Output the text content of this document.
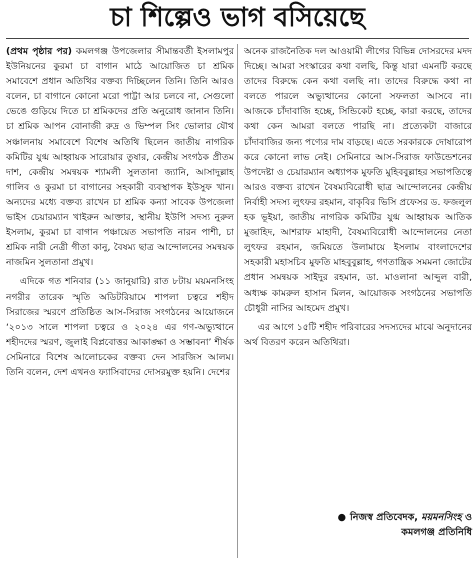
চা শিল্পেও ভাগ বসিয়েছে

(প্রথম পৃষ্ঠার পর) কমলগঞ্জ উপজেলার সীমান্তবর্তী ইসলামপুর ইউনিয়নের কুরমা চা বাগান মাঠে আয়োজিত চা শ্রমিক সমাবেশে প্রধান অতিথির বক্তব্য দিচ্ছিলেন তিনি। তিনি আরও বলেন, চা বাগানে কোনো মরো পাট্টা আর চলবে না, সেগুলো ভেঙে গুড়িয়ে দিতে চা শ্রমিকদের প্রতি অনুরোধ জানান তিনি। চা শ্রমিক আপন বোনাজী রুদ্র ও ভিম্পল সিং ভোলার যৌথ সঞ্চালনায় সমাবেশে বিশেষ অতিথি ছিলেন জাতীয় নাগরিক কমিটির যুগ্ম আহ্বায়ক সারোয়ার তুষার, কেন্দ্রীয় সংগঠক প্রীতম দাশ, কেন্দ্রীয় সমন্বয়ক শ্যামলী সুলতানা জ্যানি, আসাদুল্লাহ গালিব ও কুরমা চা বাগানের সহকারী ব্যবস্থাপক ইউসুফ খান। অন্যদের মধ্যে বক্তব্য রাখেন চা শ্রমিক কন্যা সাবেক উপজেলা ভাইস চেয়ারম্যান খাইরুন আক্তার, স্থানীয় ইউপি সদস্য নুরুল ইসলাম, কুরমা চা বাগান পঞ্চায়েত সভাপতি নারন পাশী, চা শ্রমিক নারী নেত্রী গীতা কানু, বৈষম্য ছাত্র আন্দোলনের সমন্বয়ক নাজমিন সুলতানা প্রমুখ।

এদিকে গত শনিবার (১১ জানুয়ারি) রাত ৮টায় ময়মনসিংহ নগরীর তারেক স্মৃতি অডিটরিয়ামে শাপলা চত্বরে শহীদ সিরাজের স্মরণে প্রতিষ্ঠিত আস-সিরাজ সংগঠনের আয়োজনে ‘২০১৩ সালে শাপলা চত্বরে ও ২০২৪ এর গণ-অভ্যুত্থানে শহীদদের স্মরণ, জুলাই বিপ্লবোত্তর আকাঙ্ক্ষা ও সম্ভাবনা’ শীর্ষক সেমিনারে বিশেষ আলোচকের বক্তব্য দেন সারজিস আলম। তিনি বলেন, দেশ এখনও ফ্যাসিবাদের দোসরমুক্ত হয়নি। দেশের

অনেক রাজনৈতিক দল আওয়ামী লীগের বিভিন্ন দোসরদের মদদ দিচ্ছে। আমরা সংস্কারের কথা বলছি, কিন্তু যারা এমনটি করছে তাদের বিরুদ্ধে কেন কথা বলছি না। তাদের বিরুদ্ধে কথা না বলতে পারলে অভ্যুত্থানের কোনো সফলতা আসবে না। আজকে চাঁদাবাজি হচ্ছে, সিন্ডিকেট হচ্ছে, কারা করছে, তাদের কথা কেন আমরা বলতে পারছি না। প্রত্যেকটা বাজারে চাঁদাবাজির জন্য পণ্যের দাম বাড়ছে। এতে সরকারকে দোষারোপ করে কোনো লাভ নেই। সেমিনারে আস-সিরাজ ফাউন্ডেশনের উপদেষ্টা ও চেয়ারম্যান অধ্যাপক মুফতি মুহিববুল্লাহর সভাপতিত্বে আরও বক্তব্য রাখেন বৈষম্যবিরোধী ছাত্র আন্দোলনের কেন্দ্রীয় নির্বাহী সদস্য লুৎফর রহমান, বাকৃবির ভিসি প্রফেসর ড. ফজলুল হক ভূইয়া, জাতীয় নাগরিক কমিটির যুগ্ম আহ্বায়ক আতিক মুজাহিদ, আশরাফ মাহাদী, বৈষম্যবিরোধী আন্দোলনের নেতা লুৎফর রহমান, জমিয়তে উলামায়ে ইসলাম বাংলাদেশের সহকারী মহাসচিব মুফতি মাহবুবুল্লাহ, গণতান্ত্রিক সমমনা জোটের প্রধান সমন্বয়ক সাইদুর রহমান, ডা. মাওলানা আব্দুল বারী, অধ্যক্ষ কামরুল হাসান মিলন, আয়োজক সংগঠনের সভাপতি চৌধুরী নাসির আহমেদ প্রমুখ।

এর আগে ১৫টি শহীদ পরিবারের সদস্যদের মাঝে অনুদানের অর্থ বিতরণ করেন অতিথিরা।

● নিজস্ব প্রতিবেদক, ময়মনসিংহ ও
কমলগঞ্জ প্রতিনিধি
